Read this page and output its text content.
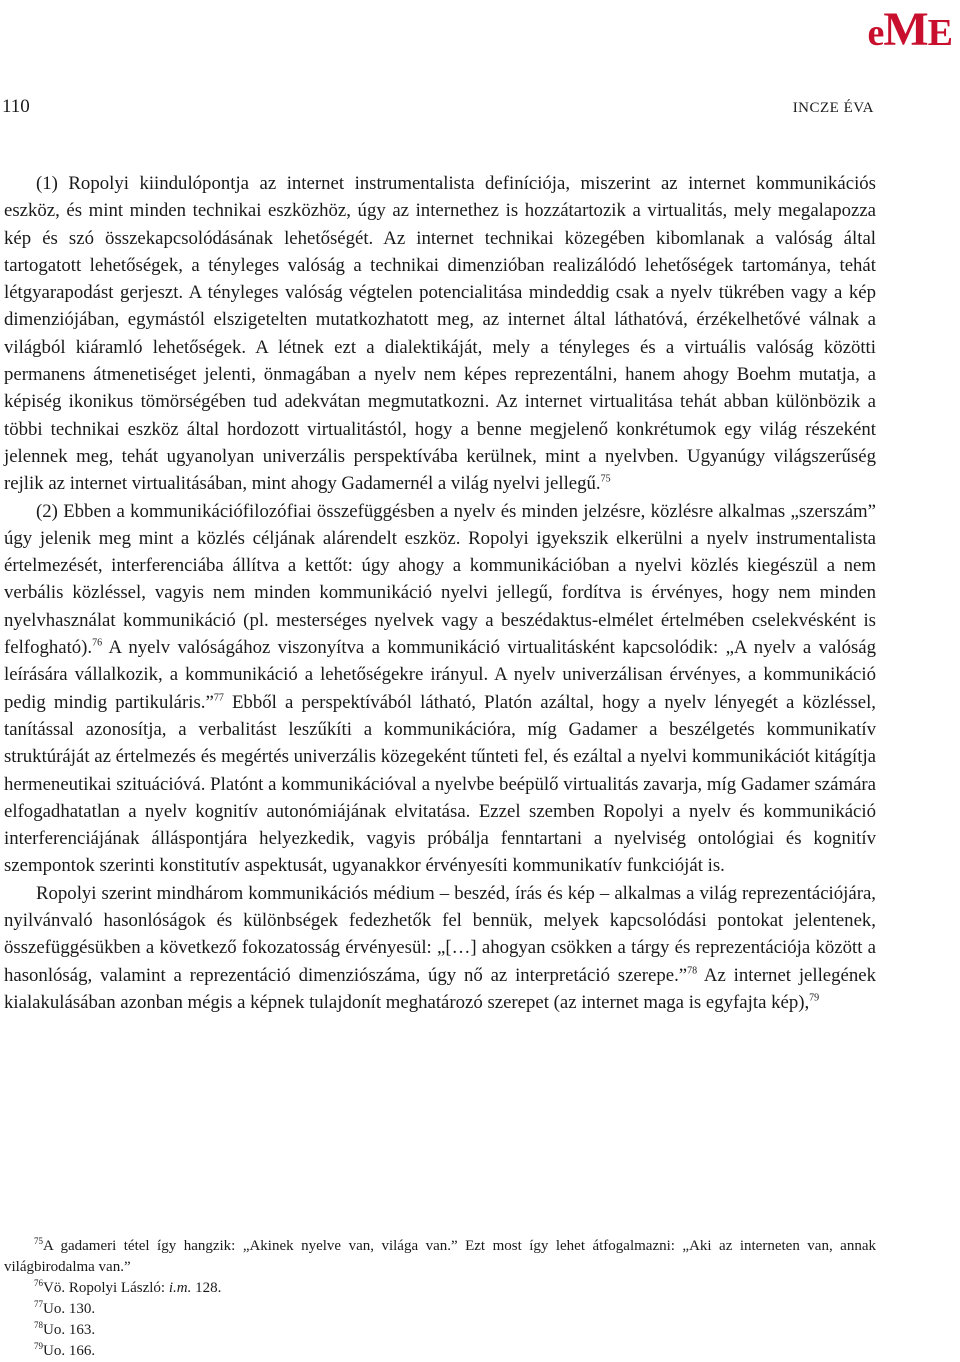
eME
110	INCZE ÉVA

(1) Ropolyi kiindulópontja az internet instrumentalista definíciója, miszerint az internet kommunikációs eszköz, és mint minden technikai eszközhöz, úgy az internethez is hozzátartozik a virtualitás, mely megalapozza kép és szó összekapcsolódásának lehetőségét. Az internet technikai közegében kibomlanak a valóság által tartogatott lehetőségek, a tényleges valóság a technikai dimenzióban realizálódó lehetőségek tartománya, tehát létgyarapodást gerjeszt. A tényleges valóság végtelen potencialitása mindeddig csak a nyelv tükrében vagy a kép dimenziójában, egymástól elszigetelten mutatkozhatott meg, az internet által láthatóvá, érzékelhetővé válnak a világból kiáramló lehetőségek. A létnek ezt a dialektikáját, mely a tényleges és a virtuális valóság közötti permanens átmenetiséget jelenti, önmagában a nyelv nem képes reprezentálni, hanem ahogy Boehm mutatja, a képiség ikonikus tömörségében tud adekvátan megmutatkozni. Az internet virtualitása tehát abban különbözik a többi technikai eszköz által hordozott virtualitástól, hogy a benne megjelenő konkrétumok egy világ részeként jelennek meg, tehát ugyanolyan univerzális perspektívába kerülnek, mint a nyelvben. Ugyanúgy világszerűség rejlik az internet virtualitásában, mint ahogy Gadamernél a világ nyelvi jellegű.$^{75}$

(2) Ebben a kommunikációfilozófiai összefüggésben a nyelv és minden jelzésre, közlésre alkalmas „szerszám” úgy jelenik meg mint a közlés céljának alárendelt eszköz. Ropolyi igyekszik elkerülni a nyelv instrumentalista értelmezését, interferenciába állítva a kettőt: úgy ahogy a kommunikációban a nyelvi közlés kiegészül a nem verbális közléssel, vagyis nem minden kommunikáció nyelvi jellegű, fordítva is érvényes, hogy nem minden nyelvhasználat kommunikáció (pl. mesterséges nyelvek vagy a beszédaktus-elmélet értelmében cselekvésként is felfogható).$^{76}$ A nyelv valóságához viszonyítva a kommunikáció virtualitásként kapcsolódik: „A nyelv a valóság leírására vállalkozik, a kommunikáció a lehetőségekre irányul. A nyelv univerzálisan érvényes, a kommunikáció pedig mindig partikuláris.”$^{77}$ Ebből a perspektívából látható, Platón azáltal, hogy a nyelv lényegét a közléssel, tanítással azonosítja, a verbalitást leszűkíti a kommunikációra, míg Gadamer a beszélgetés kommunikatív struktúráját az értelmezés és megértés univerzális közegeként tűnteti fel, és ezáltal a nyelvi kommunikációt kitágítja hermeneutikai szituációvá. Platónt a kommunikációval a nyelvbe beépülő virtualitás zavarja, míg Gadamer számára elfogadhatatlan a nyelv kognitív autonómiájának elvitatása. Ezzel szemben Ropolyi a nyelv és kommunikáció interferenciájának álláspontjára helyezkedik, vagyis próbálja fenntartani a nyelviség ontológiai és kognitív szempontok szerinti konstitutív aspektusát, ugyanakkor érvényesíti kommunikatív funkcióját is.

Ropolyi szerint mindhárom kommunikációs médium – beszéd, írás és kép – alkalmas a világ reprezentációjára, nyilvánvaló hasonlóságok és különbségek fedezhetők fel bennük, melyek kapcsolódási pontokat jelentenek, összefüggésükben a következő fokozatosság érvényesül: „[…] ahogyan csökken a tárgy és reprezentációja között a hasonlóság, valamint a reprezentáció dimenziószáma, úgy nő az interpretáció szerepe.”$^{78}$ Az internet jellegének kialakulásában azonban mégis a képnek tulajdonít meghatározó szerepet (az internet maga is egyfajta kép),$^{79}$

$^{75}$A gadameri tétel így hangzik: „Akinek nyelve van, világa van.” Ezt most így lehet átfogalmazni: „Aki az interneten van, annak világbirodalma van.”

$^{76}$Vö. Ropolyi László: i.m. 128.

$^{77}$Uo. 130.

$^{78}$Uo. 163.

$^{79}$Uo. 166.
